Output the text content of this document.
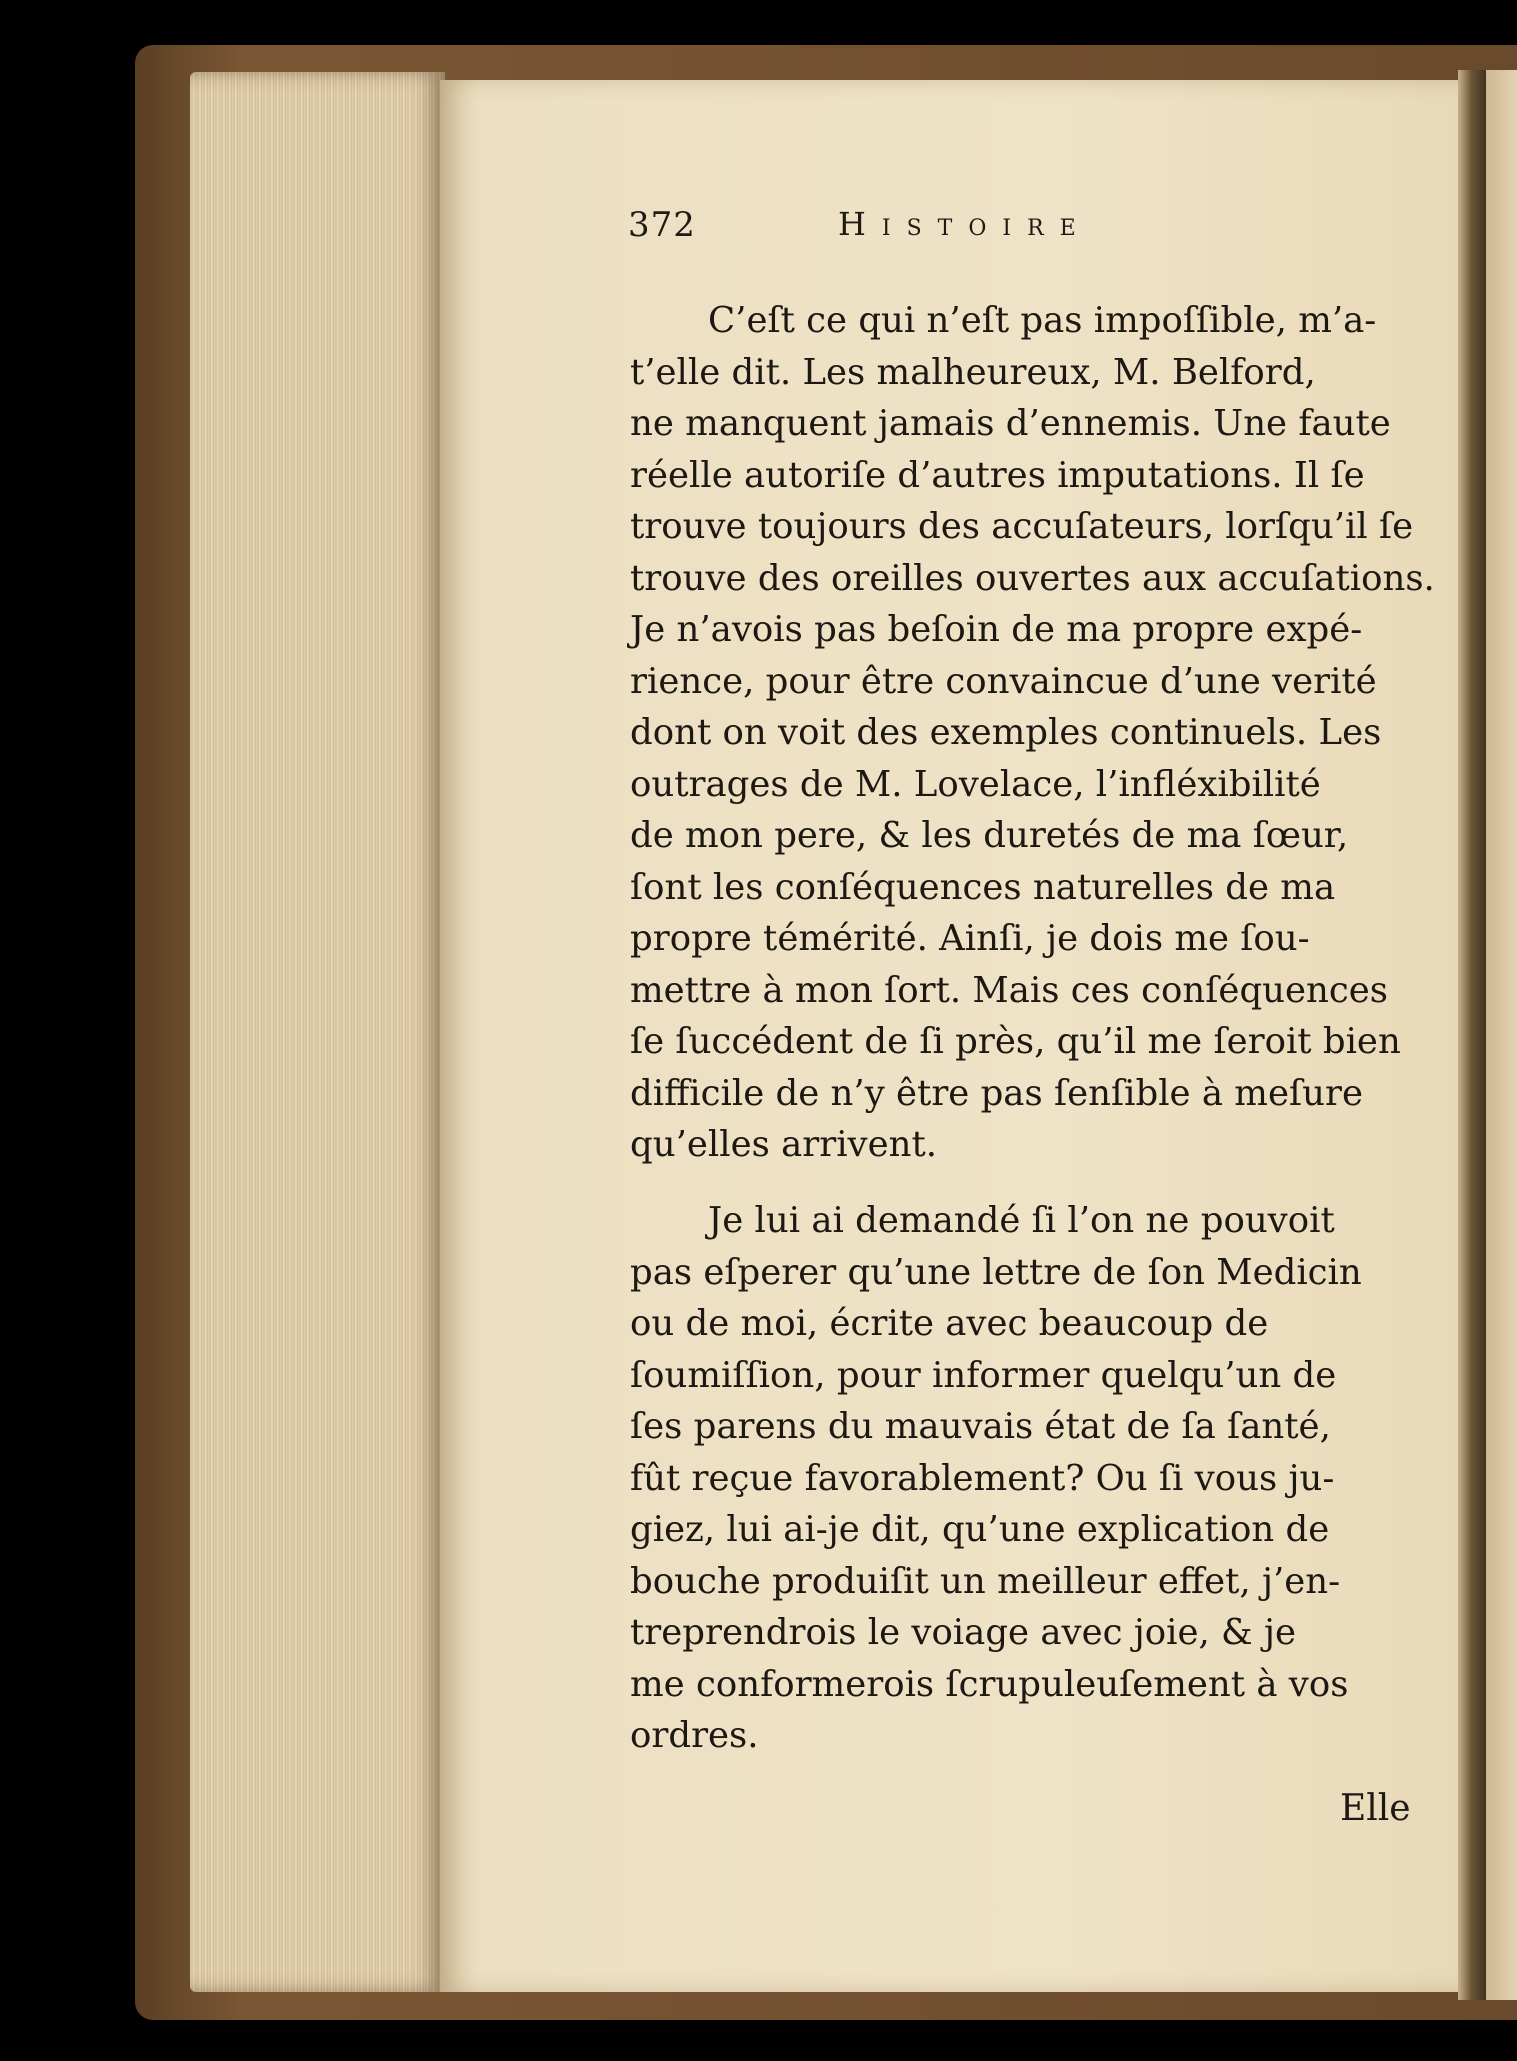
372	Histoire

C’eſt ce qui n’eſt pas impoſſible, m’a-
t’elle dit. Les malheureux, M. Belford,
ne manquent jamais d’ennemis. Une faute
réelle autoriſe d’autres imputations. Il ſe
trouve toujours des accuſateurs, lorſqu’il ſe
trouve des oreilles ouvertes aux accuſations.
Je n’avois pas beſoin de ma propre expé-
rience, pour être convaincue d’une verité
dont on voit des exemples continuels. Les
outrages de M. Lovelace, l’infléxibilité
de mon pere, & les duretés de ma ſœur,
ſont les conſéquences naturelles de ma
propre témérité. Ainſi, je dois me ſou-
mettre à mon ſort. Mais ces conſéquences
ſe ſuccédent de ſi près, qu’il me ſeroit bien
difficile de n’y être pas ſenſible à meſure
qu’elles arrivent.

Je lui ai demandé ſi l’on ne pouvoit
pas eſperer qu’une lettre de ſon Medicin
ou de moi, écrite avec beaucoup de
ſoumiſſion, pour informer quelqu’un de
ſes parens du mauvais état de ſa ſanté,
fût reçue favorablement? Ou ſi vous ju-
giez, lui ai-je dit, qu’une explication de
bouche produiſit un meilleur effet, j’en-
treprendrois le voiage avec joie, & je
me conformerois ſcrupuleuſement à vos
ordres.

Elle
